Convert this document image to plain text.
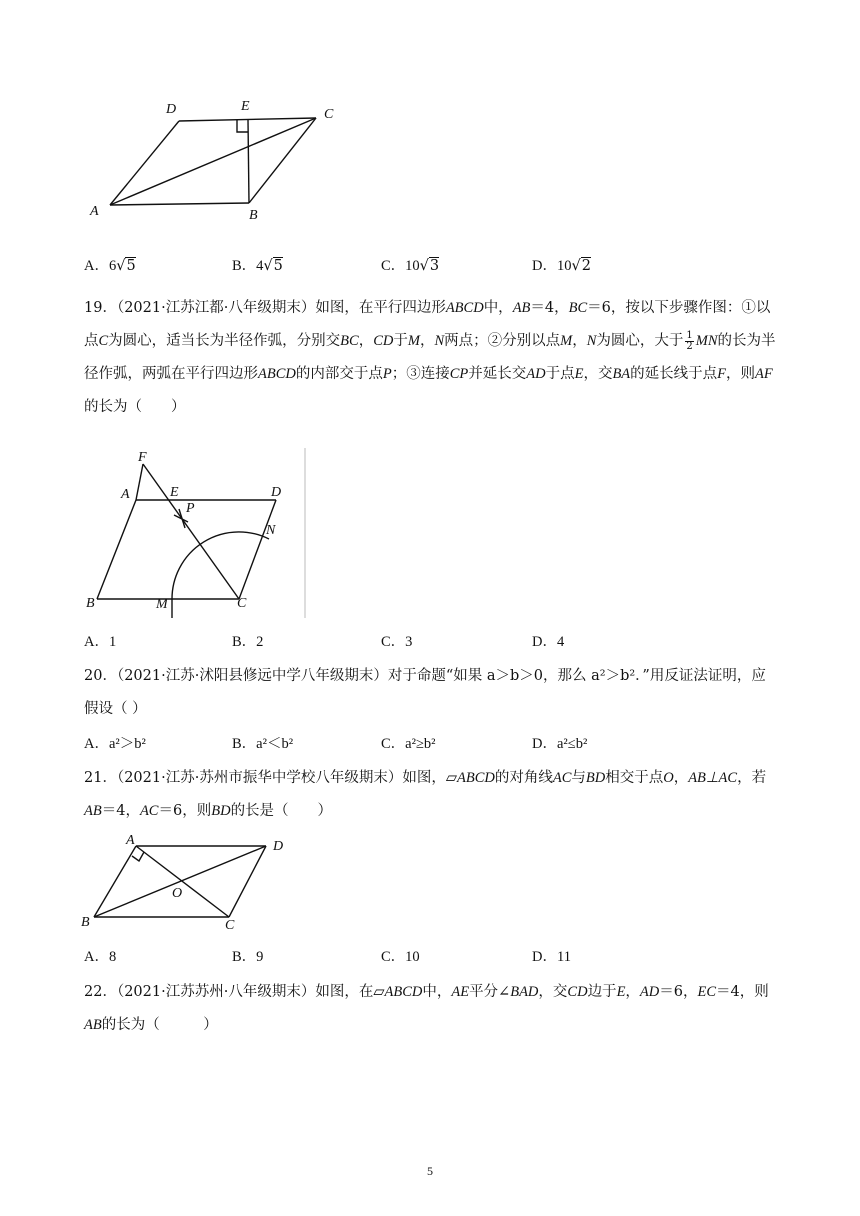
D	E
C
A	B
A．6√5	B．4√5	C．10√3	D．10√2
19．（2021·江苏江都·八年级期末）如图，在平行四边形ABCD中，AB＝4，BC＝6，按以下步骤作图：①以点C为圆心，适当长为半径作弧，分别交BC，CD于M，N两点；②分别以点M，N为圆心，大于 $\frac{1}{2}$ MN的长为半径作弧，两弧在平行四边形ABCD的内部交于点P；③连接CP并延长交AD于点E，交BA的延长线于点F，则AF的长为（　　）
F
A	E	D
P
N
B	M	C
A．1	B．2	C．3	D．4
20．（2021·江苏·沭阳县修远中学八年级期末）对于命题“如果 a＞b＞0，那么 a²＞b²．”用反证法证明，应假设（ ）
A．a²＞b²	B．a²＜b²	C．a²≥b²	D．a²≤b²
21．（2021·江苏·苏州市振华中学校八年级期末）如图，▱ABCD的对角线AC与BD相交于点O，AB⊥AC，若AB＝4，AC＝6，则BD的长是（　　）
A	D
O
B	C
A．8	B．9	C．10	D．11
22．（2021·江苏苏州·八年级期末）如图，在▱ABCD中，AE平分∠BAD，交CD边于E，AD＝6，EC＝4，则AB的长为（　　　）
5
